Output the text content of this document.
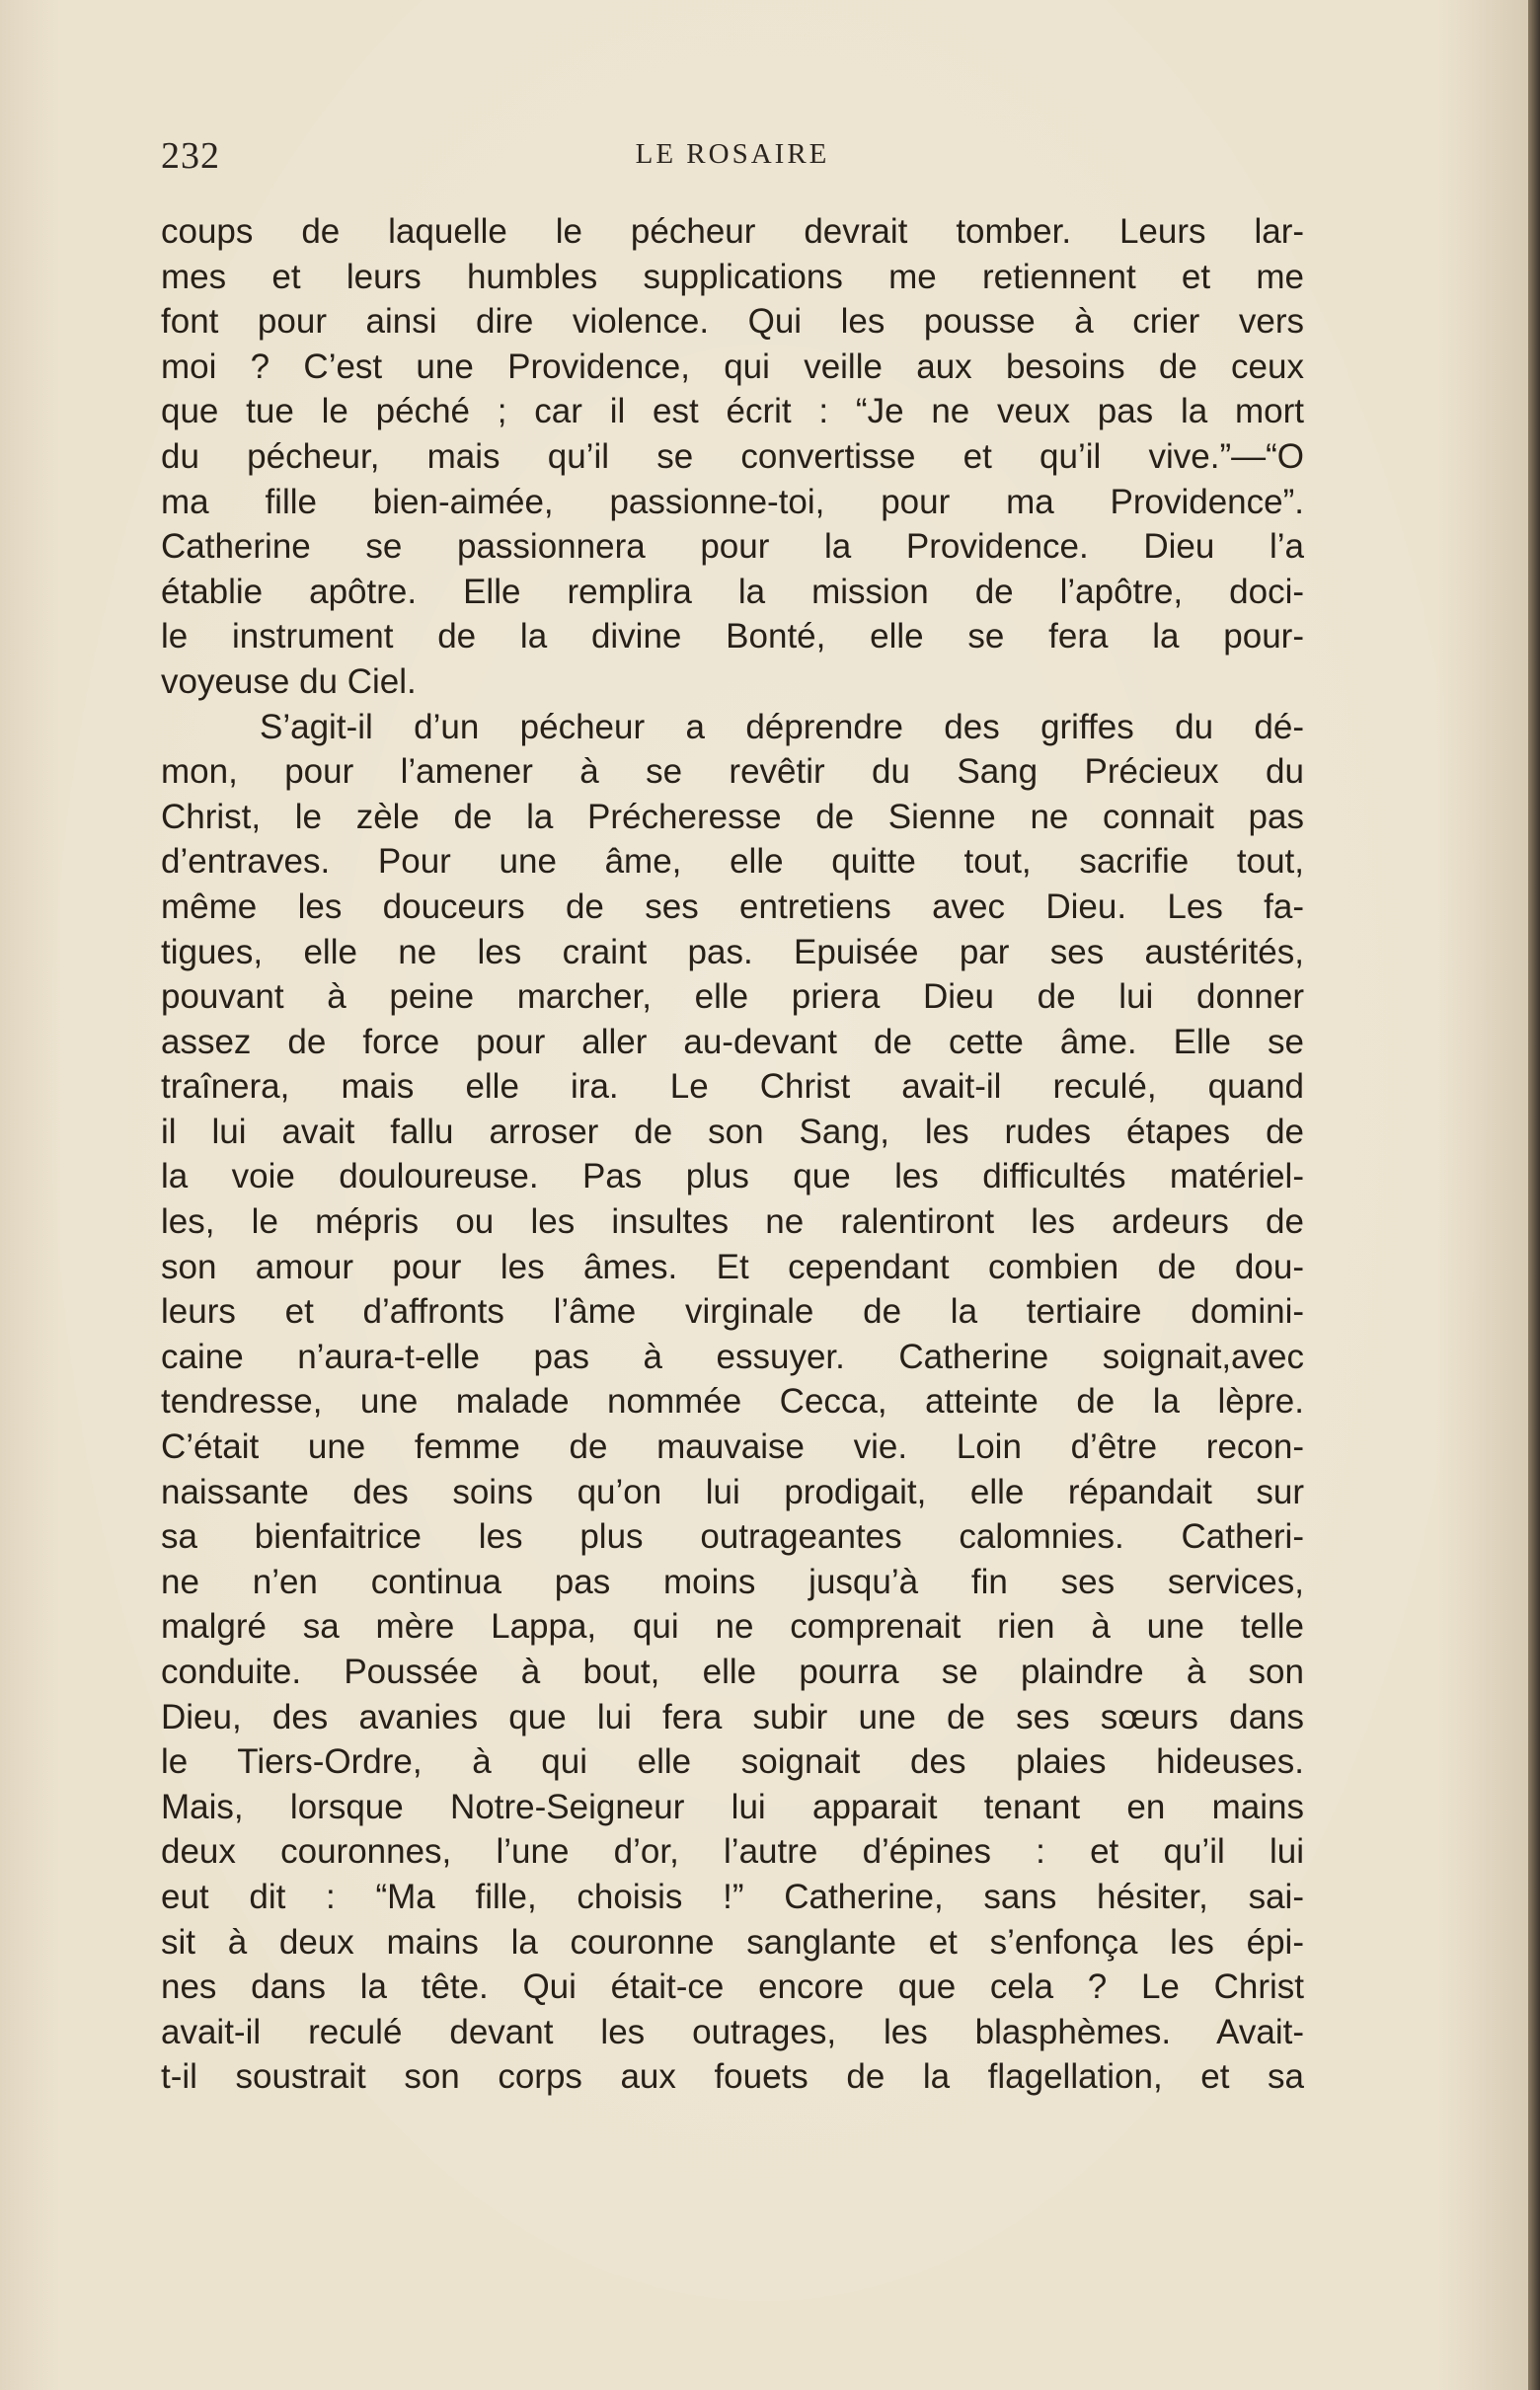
232	LE ROSAIRE
coups de laquelle le pécheur devrait tomber. Leurs lar-
mes et leurs humbles supplications me retiennent et me
font pour ainsi dire violence. Qui les pousse à crier vers
moi ? C’est une Providence, qui veille aux besoins de ceux
que tue le péché ; car il est écrit : “Je ne veux pas la mort
du pécheur, mais qu’il se convertisse et qu’il vive.”—“O
ma fille bien-aimée, passionne-toi, pour ma Providence”.
Catherine se passionnera pour la Providence. Dieu l’a
établie apôtre. Elle remplira la mission de l’apôtre, doci-
le instrument de la divine Bonté, elle se fera la pour-
voyeuse du Ciel.
S’agit-il d’un pécheur a déprendre des griffes du dé-
mon, pour l’amener à se revêtir du Sang Précieux du
Christ, le zèle de la Précheresse de Sienne ne connait pas
d’entraves. Pour une âme, elle quitte tout, sacrifie tout,
même les douceurs de ses entretiens avec Dieu. Les fa-
tigues, elle ne les craint pas. Epuisée par ses austérités,
pouvant à peine marcher, elle priera Dieu de lui donner
assez de force pour aller au-devant de cette âme. Elle se
traînera, mais elle ira. Le Christ avait-il reculé, quand
il lui avait fallu arroser de son Sang, les rudes étapes de
la voie douloureuse. Pas plus que les difficultés matériel-
les, le mépris ou les insultes ne ralentiront les ardeurs de
son amour pour les âmes. Et cependant combien de dou-
leurs et d’affronts l’âme virginale de la tertiaire domini-
caine n’aura-t-elle pas à essuyer. Catherine soignait,avec
tendresse, une malade nommée Cecca, atteinte de la lèpre.
C’était une femme de mauvaise vie. Loin d’être recon-
naissante des soins qu’on lui prodigait, elle répandait sur
sa bienfaitrice les plus outrageantes calomnies. Catheri-
ne n’en continua pas moins jusqu’à fin ses services,
malgré sa mère Lappa, qui ne comprenait rien à une telle
conduite. Poussée à bout, elle pourra se plaindre à son
Dieu, des avanies que lui fera subir une de ses sœurs dans
le Tiers-Ordre, à qui elle soignait des plaies hideuses.
Mais, lorsque Notre-Seigneur lui apparait tenant en mains
deux couronnes, l’une d’or, l’autre d’épines : et qu’il lui
eut dit : “Ma fille, choisis !” Catherine, sans hésiter, sai-
sit à deux mains la couronne sanglante et s’enfonça les épi-
nes dans la tête. Qui était-ce encore que cela ? Le Christ
avait-il reculé devant les outrages, les blasphèmes. Avait-
t-il soustrait son corps aux fouets de la flagellation, et sa
